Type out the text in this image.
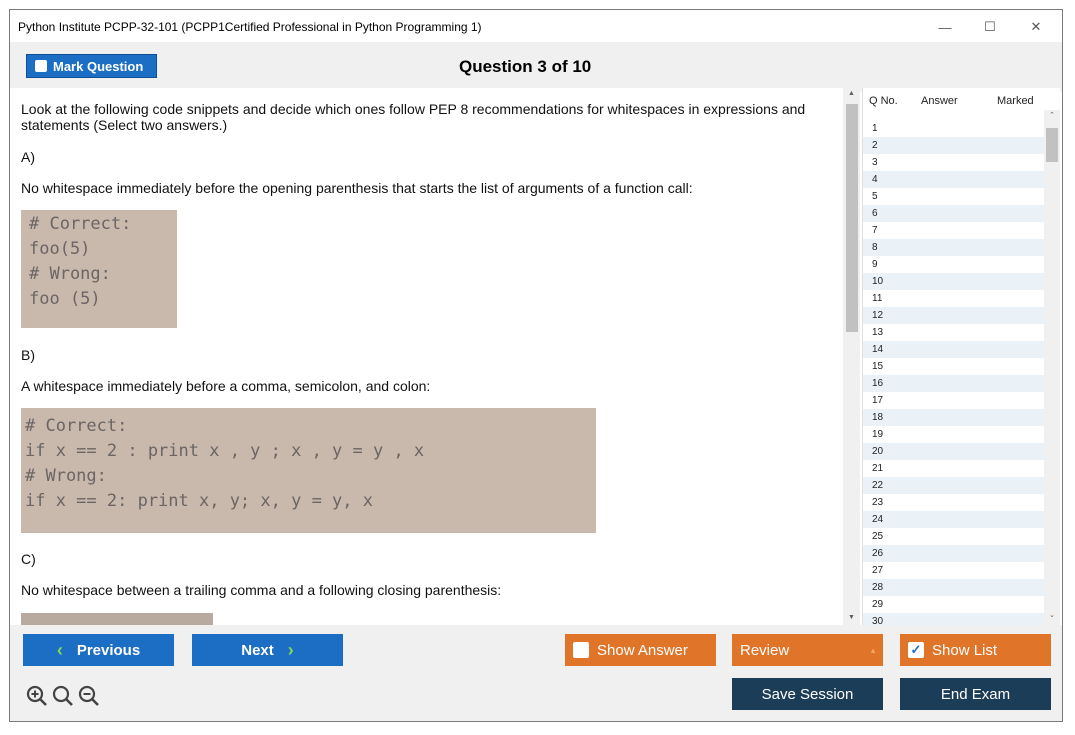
Python Institute PCPP-32-101 (PCPP1Certified Professional in Python Programming 1)	—	☐	✕
Mark Question	Question 3 of 10
Look at the following code snippets and decide which ones follow PEP 8 recommendations for whitespaces in expressions and statements (Select two answers.)
A)
No whitespace immediately before the opening parenthesis that starts the list of arguments of a function call:
# Correct:
foo(5)
# Wrong:
foo (5)
B)
A whitespace immediately before a comma, semicolon, and colon:
# Correct:
if x == 2 : print x , y ; x , y = y , x
# Wrong:
if x == 2: print x, y; x, y = y, x
C)
No whitespace between a trailing comma and a following closing parenthesis:
▲
▼
Q No. Answer	Marked
1
2
3
4
5
6
7
8
9
10
11
12
13
14
15
16
17
18
19
20
21
22
23
24
25
26
27
28
29
30
⌃
⌄
‹ Previous	Next ›	Show Answer	Review	▲	✓ Show List
Save Session	End Exam
